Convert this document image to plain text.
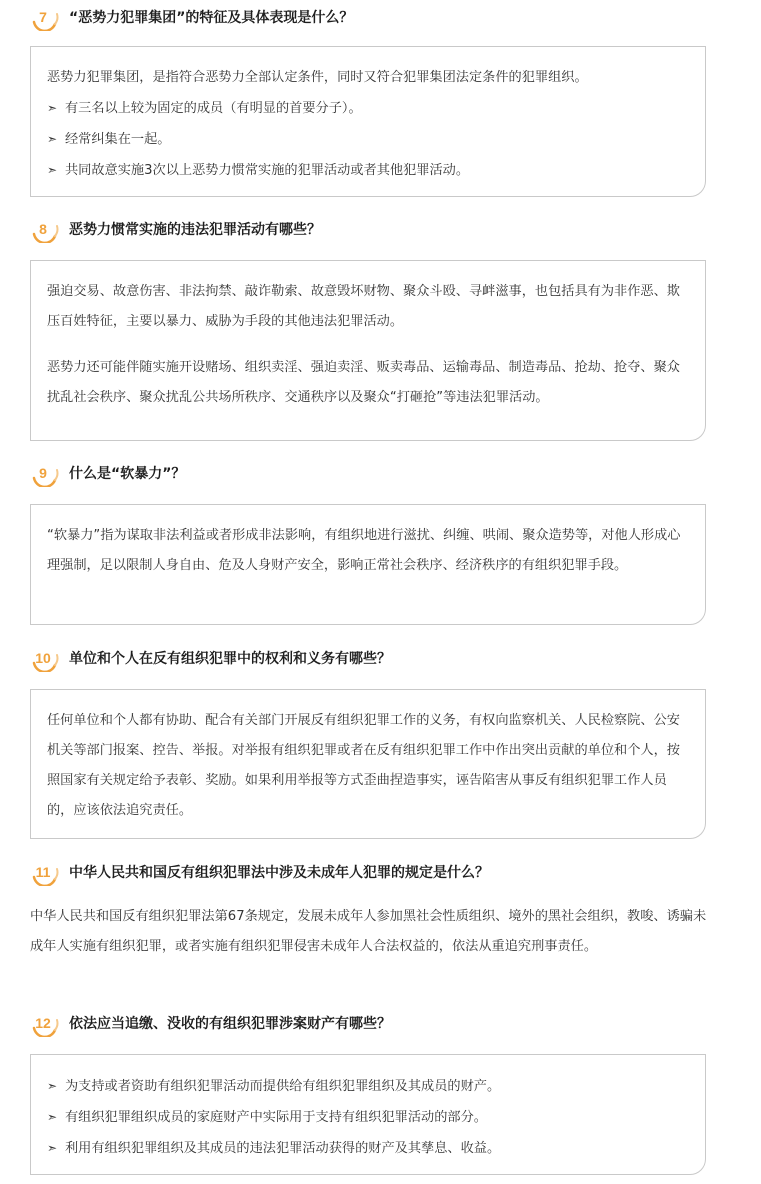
7	“恶势力犯罪集团”的特征及具体表现是什么？

恶势力犯罪集团，是指符合恶势力全部认定条件，同时又符合犯罪集团法定条件的犯罪组织。

➣ 有三名以上较为固定的成员（有明显的首要分子）。
➣ 经常纠集在一起。
➣ 共同故意实施3次以上恶势力惯常实施的犯罪活动或者其他犯罪活动。
8	恶势力惯常实施的违法犯罪活动有哪些？

强迫交易、故意伤害、非法拘禁、敲诈勒索、故意毁坏财物、聚众斗殴、寻衅滋事，也包括具有为非作恶、欺压百姓特征，主要以暴力、威胁为手段的其他违法犯罪活动。

恶势力还可能伴随实施开设赌场、组织卖淫、强迫卖淫、贩卖毒品、运输毒品、制造毒品、抢劫、抢夺、聚众扰乱社会秩序、聚众扰乱公共场所秩序、交通秩序以及聚众“打砸抢”等违法犯罪活动。

9	什么是“软暴力”？

“软暴力”指为谋取非法利益或者形成非法影响，有组织地进行滋扰、纠缠、哄闹、聚众造势等，对他人形成心理强制，足以限制人身自由、危及人身财产安全，影响正常社会秩序、经济秩序的有组织犯罪手段。

10	单位和个人在反有组织犯罪中的权利和义务有哪些？

任何单位和个人都有协助、配合有关部门开展反有组织犯罪工作的义务，有权向监察机关、人民检察院、公安机关等部门报案、控告、举报。对举报有组织犯罪或者在反有组织犯罪工作中作出突出贡献的单位和个人，按照国家有关规定给予表彰、奖励。如果利用举报等方式歪曲捏造事实，诬告陷害从事反有组织犯罪工作人员的，应该依法追究责任。

11	中华人民共和国反有组织犯罪法中涉及未成年人犯罪的规定是什么？

中华人民共和国反有组织犯罪法第67条规定，发展未成年人参加黑社会性质组织、境外的黑社会组织，教唆、诱骗未成年人实施有组织犯罪，或者实施有组织犯罪侵害未成年人合法权益的，依法从重追究刑事责任。

12	依法应当追缴、没收的有组织犯罪涉案财产有哪些？
➣ 为支持或者资助有组织犯罪活动而提供给有组织犯罪组织及其成员的财产。
➣ 有组织犯罪组织成员的家庭财产中实际用于支持有组织犯罪活动的部分。
➣ 利用有组织犯罪组织及其成员的违法犯罪活动获得的财产及其孳息、收益。
